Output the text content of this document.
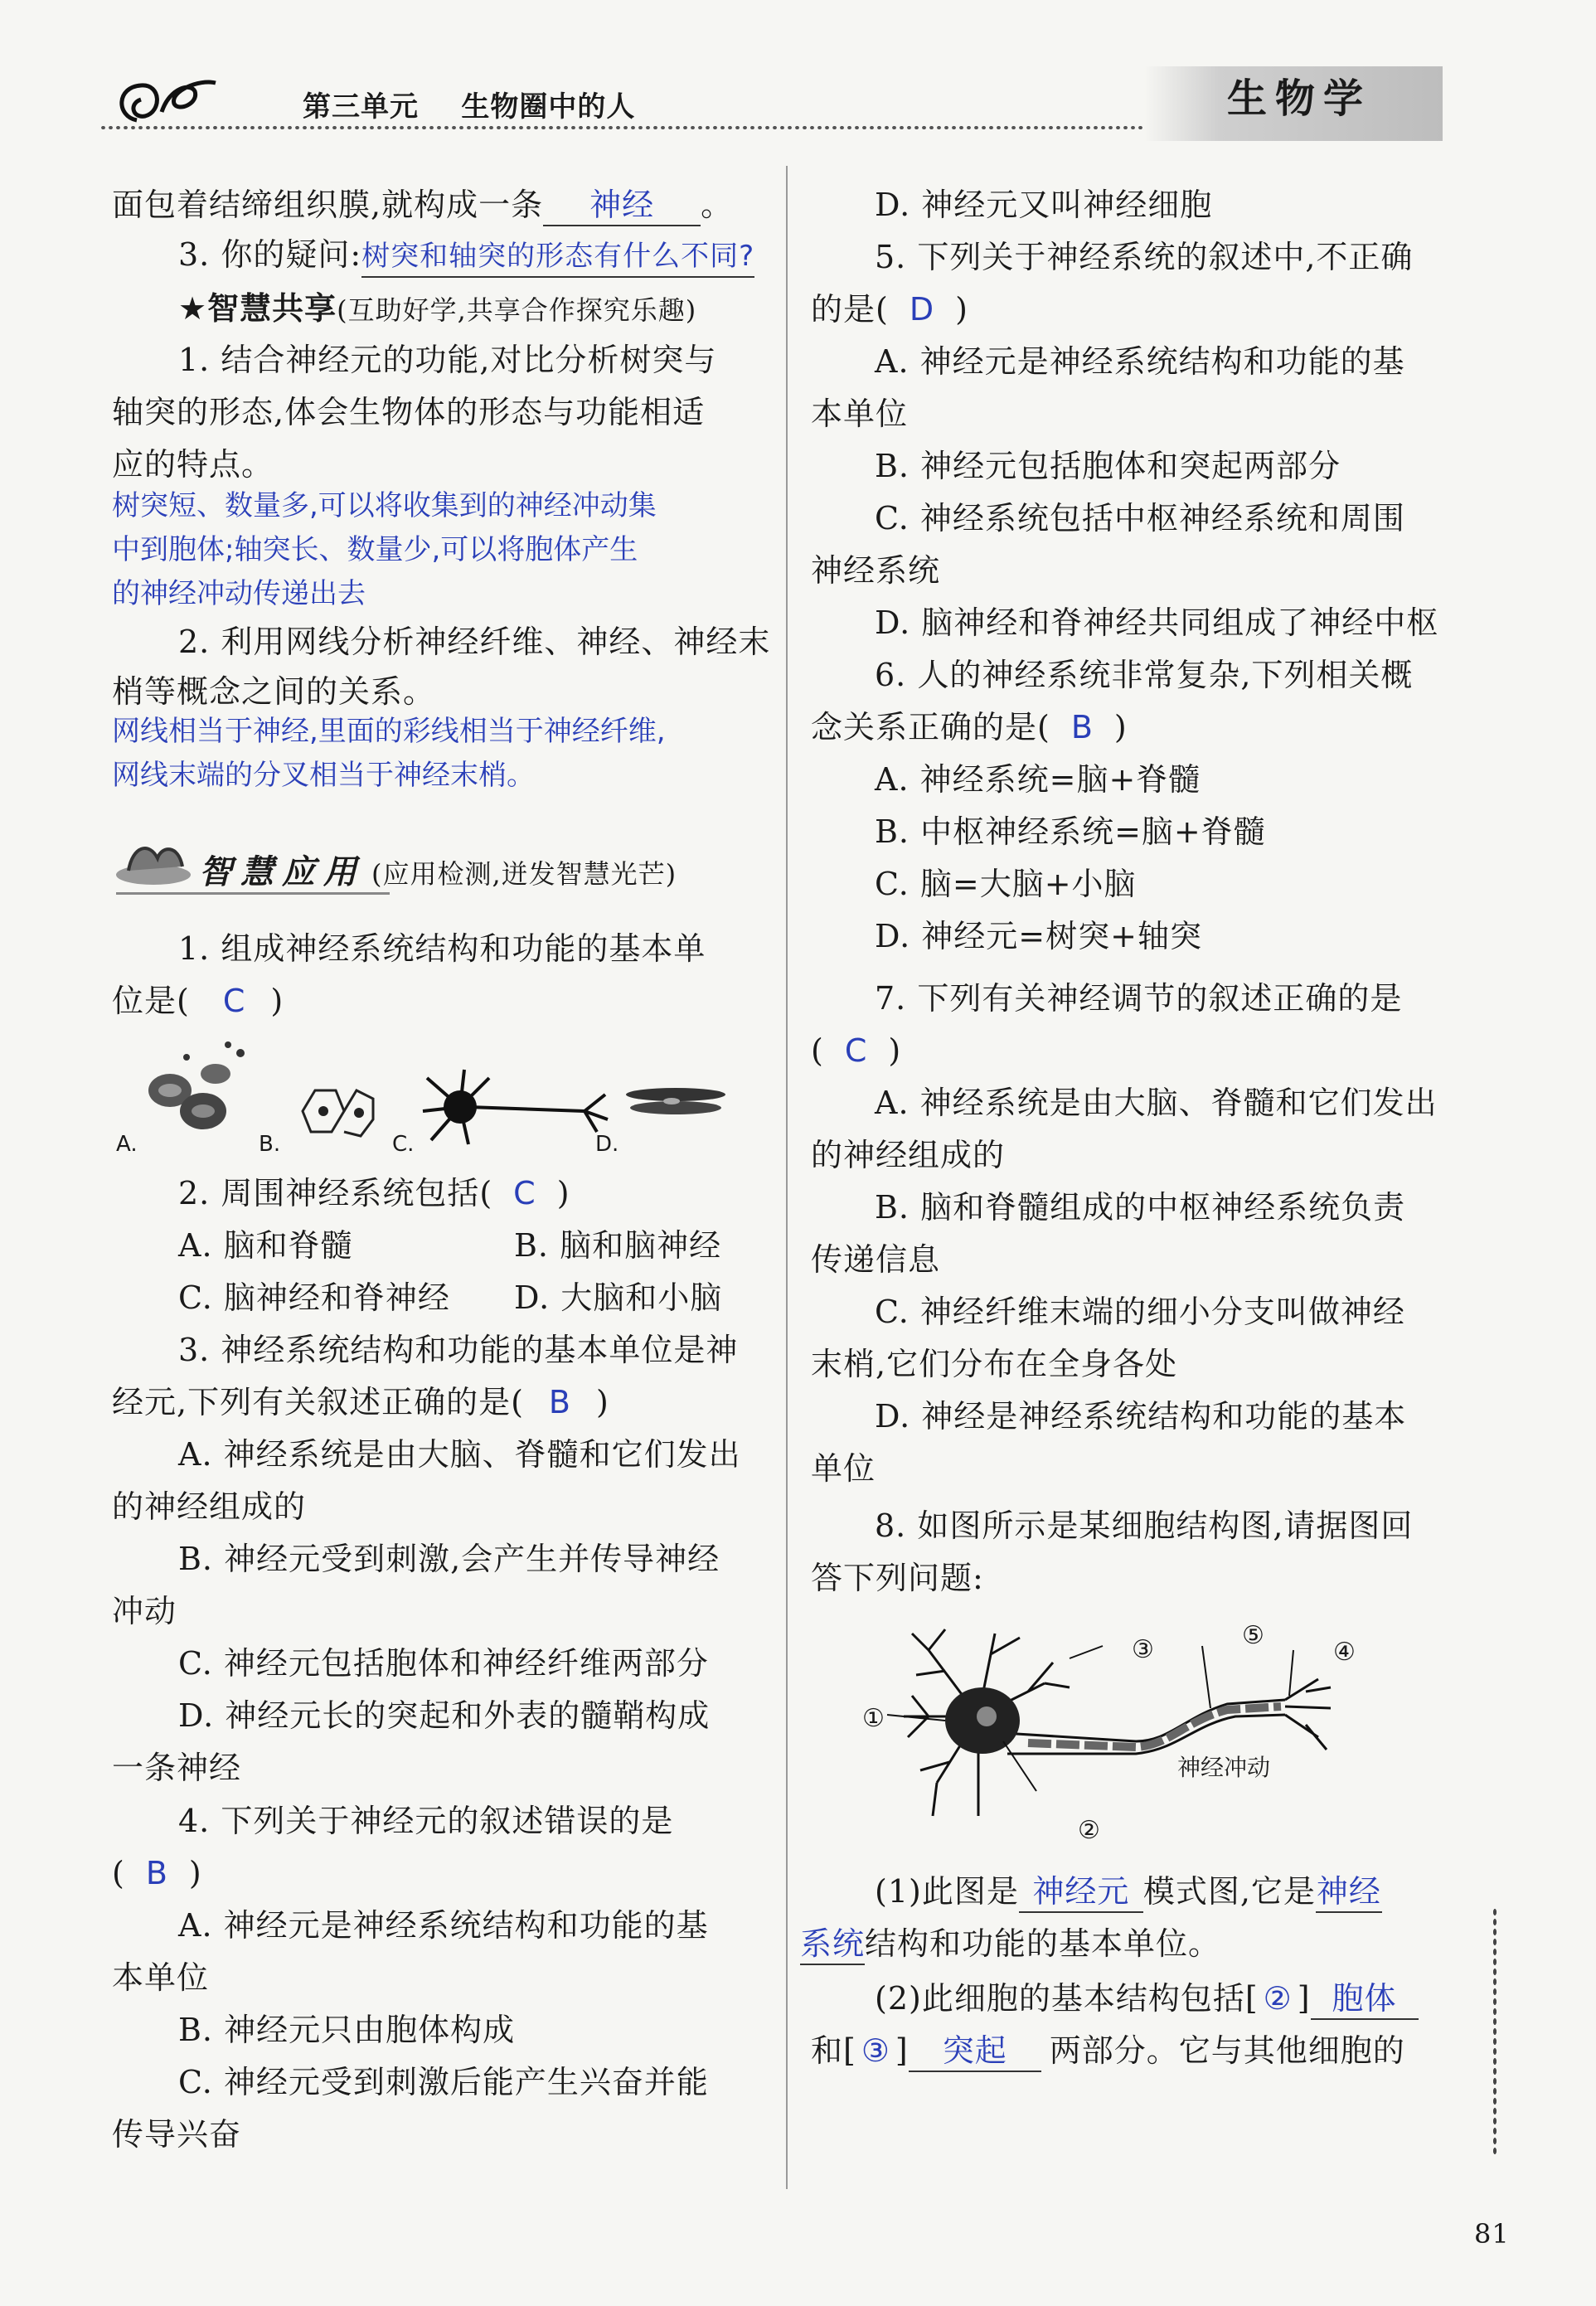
第三单元    生物圈中的人	生物学
面包着结缔组织膜,就构成一条 神经 。
3. 你的疑问:树突和轴突的形态有什么不同?
★智慧共享(互助好学,共享合作探究乐趣)
1. 结合神经元的功能,对比分析树突与
轴突的形态,体会生物体的形态与功能相适
应的特点。
树突短、数量多,可以将收集到的神经冲动集
中到胞体;轴突长、数量少,可以将胞体产生
的神经冲动传递出去
2. 利用网线分析神经纤维、神经、神经末
梢等概念之间的关系。
网线相当于神经,里面的彩线相当于神经纤维,
网线末端的分叉相当于神经末梢。
智慧应用 (应用检测,迸发智慧光芒)
1. 组成神经系统结构和功能的基本单
位是( C )
A.	B.	C.	D.
2. 周围神经系统包括( C )
A. 脑和脊髓	B. 脑和脑神经
C. 脑神经和脊神经 D. 大脑和小脑
3. 神经系统结构和功能的基本单位是神
经元,下列有关叙述正确的是( B )
A. 神经系统是由大脑、脊髓和它们发出
的神经组成的
B. 神经元受到刺激,会产生并传导神经
冲动
C. 神经元包括胞体和神经纤维两部分
D. 神经元长的突起和外表的髓鞘构成
一条神经
4. 下列关于神经元的叙述错误的是
( B )
A. 神经元是神经系统结构和功能的基
本单位
B. 神经元只由胞体构成
C. 神经元受到刺激后能产生兴奋并能
传导兴奋
D. 神经元又叫神经细胞
5. 下列关于神经系统的叙述中,不正确
的是( D )
A. 神经元是神经系统结构和功能的基
本单位
B. 神经元包括胞体和突起两部分
C. 神经系统包括中枢神经系统和周围
神经系统
D. 脑神经和脊神经共同组成了神经中枢
6. 人的神经系统非常复杂,下列相关概
念关系正确的是( B )
A. 神经系统=脑+脊髓
B. 中枢神经系统=脑+脊髓
C. 脑=大脑+小脑
D. 神经元=树突+轴突
7. 下列有关神经调节的叙述正确的是
( C )
A. 神经系统是由大脑、脊髓和它们发出
的神经组成的
B. 脑和脊髓组成的中枢神经系统负责
传递信息
C. 神经纤维末端的细小分支叫做神经
末梢,它们分布在全身各处
D. 神经是神经系统结构和功能的基本
单位
8. 如图所示是某细胞结构图,请据图回
答下列问题:
①
②
③	④
⑤
神经冲动
(1)此图是 神经元 模式图,它是神经
系统结构和功能的基本单位。
(2)此细胞的基本结构包括[ ② ] 胞体
和[ ③ ] 突起 两部分。它与其他细胞的
81
